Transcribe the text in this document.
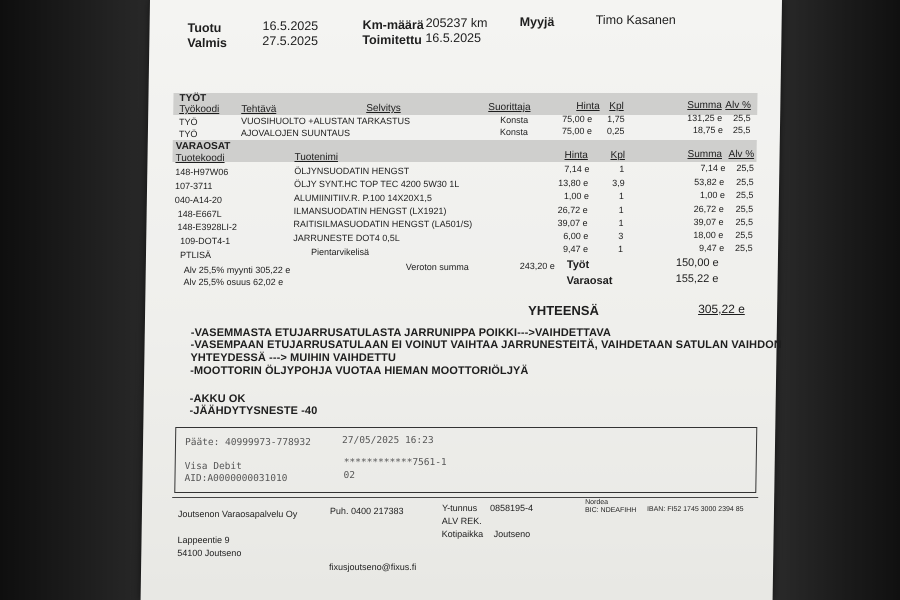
Tuotu	16.5.2025
Valmis	27.5.2025
Km-määrä 205237 km
Toimitettu 16.5.2025
Myyjä	Timo Kasanen
TYÖT
Työkoodi Tehtävä	Selvitys	Suorittaja	Hinta Kpl	Summa Alv %
TYÖ	VUOSIHUOLTO +ALUSTAN TARKASTUS	Konsta	75,00 e 1,75	131,25 e 25,5
TYÖ	AJOVALOJEN SUUNTAUS	Konsta	75,00 e 0,25	18,75 e 25,5
VARAOSAT
Tuotekoodi	Tuotenimi	Hinta Kpl	Summa Alv %
148-H97W06	ÖLJYNSUODATIN HENGST	7,14 e	1	7,14 e 25,5
107-3711	ÖLJY SYNT.HC TOP TEC 4200 5W30 1L	13,80 e	3,9	53,82 e 25,5
040-A14-20	ALUMIINITIIV.R. P.100 14X20X1,5	1,00 e	1	1,00 e 25,5
148-E667L	ILMANSUODATIN HENGST (LX1921)	26,72 e	1	26,72 e 25,5
148-E3928LI-2	RAITISILMASUODATIN HENGST (LA501/S)	39,07 e	1	39,07 e 25,5
109-DOT4-1	JARRUNESTE DOT4 0,5L	6,00 e	3	18,00 e 25,5
PTLISÄ	Pientarvikelisä	9,47 e	1	9,47 e 25,5
Alv 25,5% myynti 305,22 e
Alv 25,5% osuus 62,02 e
Veroton summa	243,20 e Työt	150,00 e
Varaosat	155,22 e
YHTEENSÄ	305,22 e
-VASEMMASTA ETUJARRUSATULASTA JARRUNIPPA POIKKI--->VAIHDETTAVA
-VASEMPAAN ETUJARRUSATULAAN EI VOINUT VAIHTAA JARRUNESTEITÄ, VAIHDETAAN SATULAN VAIHDON
YHTEYDESSÄ ---> MUIHIN VAIHDETTU
-MOOTTORIN ÖLJYPOHJA VUOTAA HIEMAN MOOTTORIÖLJYÄ
-AKKU OK
-JÄÄHDYTYSNESTE -40
Pääte: 40999973-778932	27/05/2025 16:23
Visa Debit	************7561-1
AID:A0000000031010	02
Joutsenon Varaosapalvelu Oy	Puh. 0400 217383	Y-tunnus 0858195-4
ALV REK.
Kotipaikka Joutseno
Nordea
BIC: NDEAFIHH IBAN: FI52 1745 3000 2394 85
Lappeentie 9
54100 Joutseno
fixusjoutseno@fixus.fi
